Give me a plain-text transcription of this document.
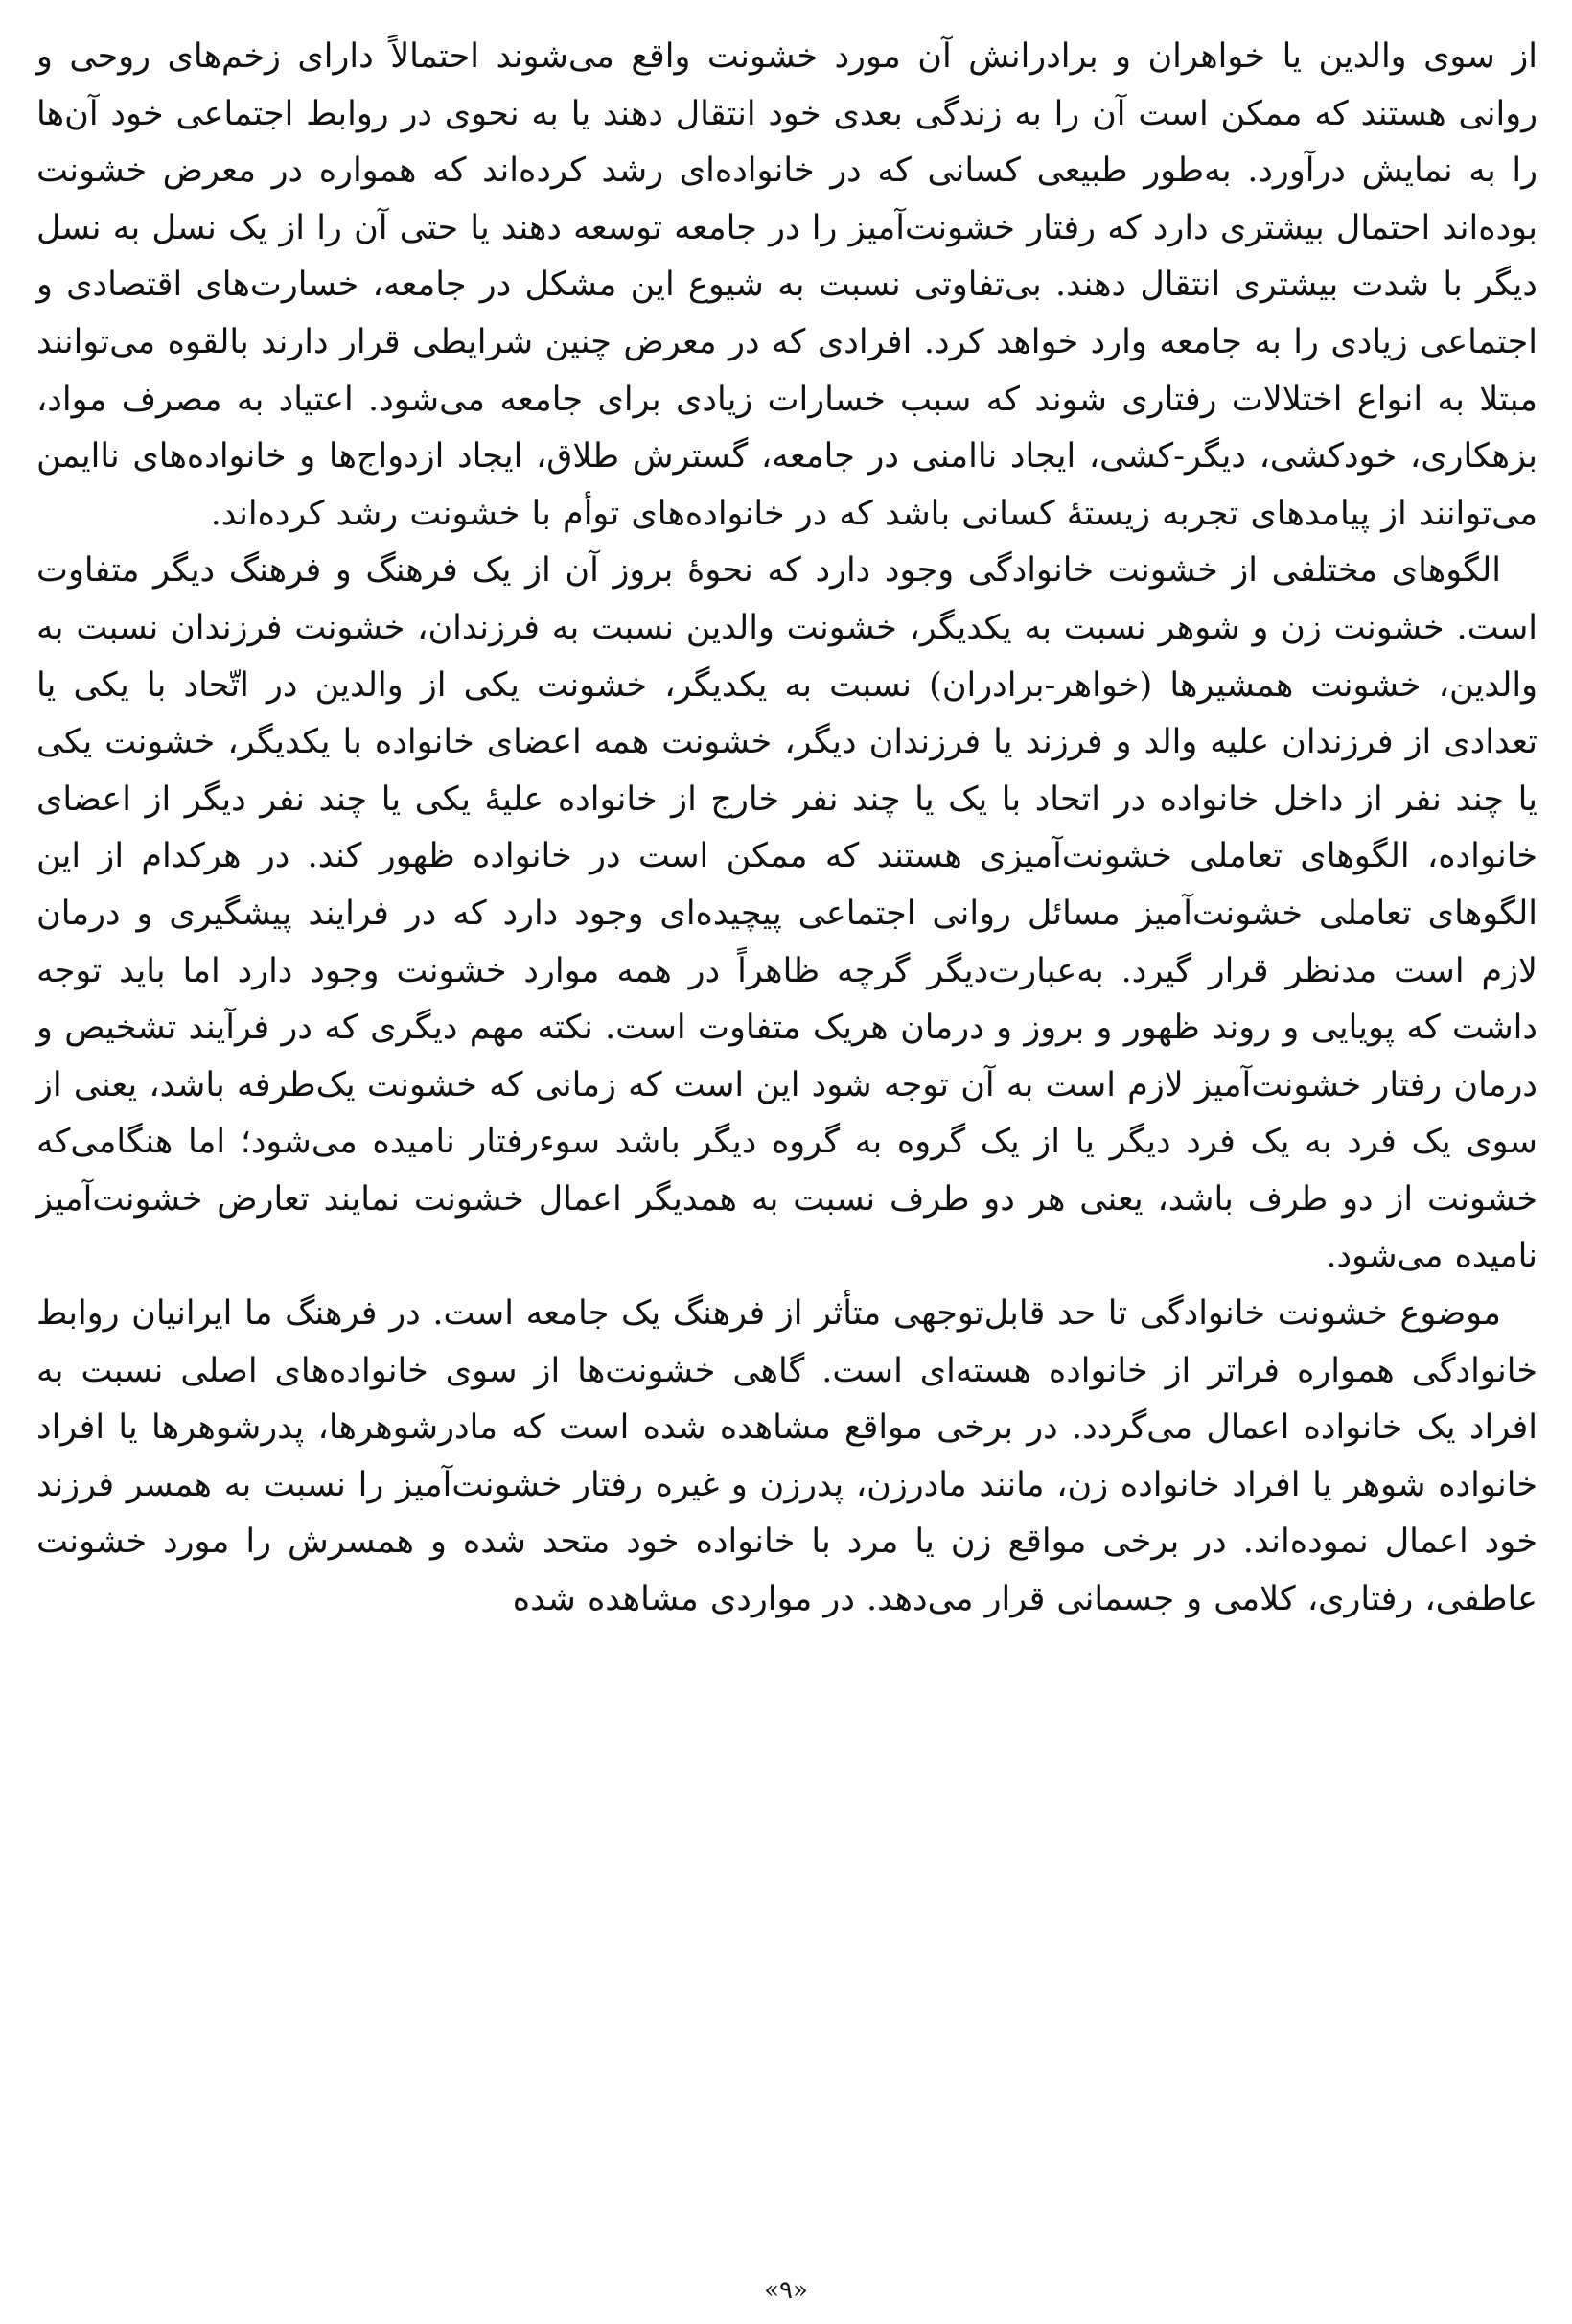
از سوی والدین یا خواهران و برادرانش آن مورد خشونت واقع می‌شوند احتمالاً دارای زخم‌های روحی و روانی هستند که ممکن است آن را به زندگی بعدی خود انتقال دهند یا به نحوی در روابط اجتماعی خود آن‌ها را به نمایش درآورد. به‌طور طبیعی کسانی که در خانواده‌ای رشد کرده‌اند که همواره در معرض خشونت بوده‌اند احتمال بیشتری دارد که رفتار خشونت‌آمیز را در جامعه توسعه دهند یا حتی آن را از یک نسل به نسل دیگر با شدت بیشتری انتقال دهند. بی‌تفاوتی نسبت به شیوع این مشکل در جامعه، خسارت‌های اقتصادی و اجتماعی زیادی را به جامعه وارد خواهد کرد. افرادی که در معرض چنین شرایطی قرار دارند بالقوه می‌توانند مبتلا به انواع اختلالات رفتاری شوند که سبب خسارات زیادی برای جامعه می‌شود. اعتیاد به مصرف مواد، بزهکاری، خودکشی، دیگر-کشی، ایجاد ناامنی در جامعه، گسترش طلاق، ایجاد ازدواج‌ها و خانواده‌های ناایمن می‌توانند از پیامدهای تجربه زیستهٔ کسانی باشد که در خانواده‌های توأم با خشونت رشد کرده‌اند.

الگوهای مختلفی از خشونت خانوادگی وجود دارد که نحوهٔ بروز آن از یک فرهنگ و فرهنگ دیگر متفاوت است. خشونت زن و شوهر نسبت به یکدیگر، خشونت والدین نسبت به فرزندان، خشونت فرزندان نسبت به والدین، خشونت همشیرها (خواهر-برادران) نسبت به یکدیگر، خشونت یکی از والدین در اتّحاد با یکی یا تعدادی از فرزندان علیه والد و فرزند یا فرزندان دیگر، خشونت همه اعضای خانواده با یکدیگر، خشونت یکی یا چند نفر از داخل خانواده در اتحاد با یک یا چند نفر خارج از خانواده علیهٔ یکی یا چند نفر دیگر از اعضای خانواده، الگوهای تعاملی خشونت‌آمیزی هستند که ممکن است در خانواده ظهور کند. در هرکدام از این الگوهای تعاملی خشونت‌آمیز مسائل روانی اجتماعی پیچیده‌ای وجود دارد که در فرایند پیشگیری و درمان لازم است مدنظر قرار گیرد. به‌عبارت‌دیگر گرچه ظاهراً در همه موارد خشونت وجود دارد اما باید توجه داشت که پویایی و روند ظهور و بروز و درمان هریک متفاوت است. نکته مهم دیگری که در فرآیند تشخیص و درمان رفتار خشونت‌آمیز لازم است به آن توجه شود این است که زمانی که خشونت یک‌طرفه باشد، یعنی از سوی یک فرد به یک فرد دیگر یا از یک گروه به گروه دیگر باشد سوء‌رفتار نامیده می‌شود؛ اما هنگامی‌که خشونت از دو طرف باشد، یعنی هر دو طرف نسبت به همدیگر اعمال خشونت نمایند تعارض خشونت‌آمیز نامیده می‌شود.

موضوع خشونت خانوادگی تا حد قابل‌توجهی متأثر از فرهنگ یک جامعه است. در فرهنگ ما ایرانیان روابط خانوادگی همواره فراتر از خانواده هسته‌ای است. گاهی خشونت‌ها از سوی خانواده‌های اصلی نسبت به افراد یک خانواده اعمال می‌گردد. در برخی مواقع مشاهده شده است که مادرشوهرها، پدرشوهرها یا افراد خانواده شوهر یا افراد خانواده زن، مانند مادرزن، پدرزن و غیره رفتار خشونت‌آمیز را نسبت به همسر فرزند خود اعمال نموده‌اند. در برخی مواقع زن یا مرد با خانواده خود متحد شده و همسرش را مورد خشونت عاطفی، رفتاری، کلامی و جسمانی قرار می‌دهد. در مواردی مشاهده شده

«۹»
